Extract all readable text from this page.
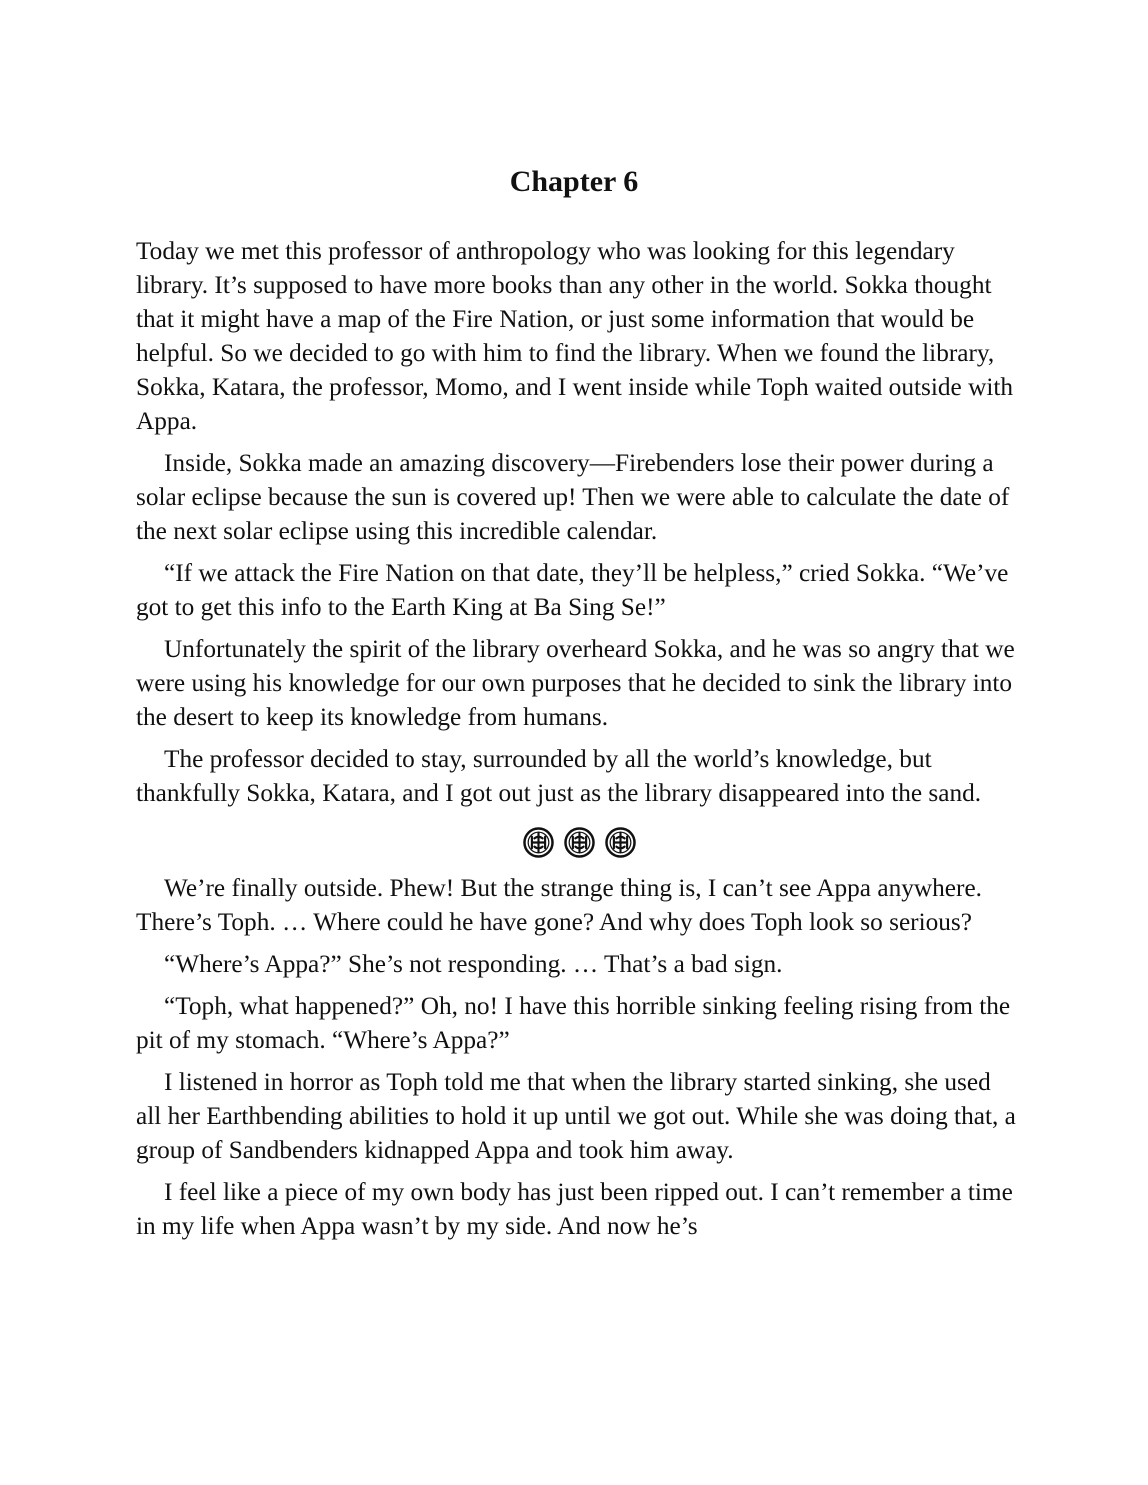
Chapter 6

Today we met this professor of anthropology who was looking for this legendary library. It’s supposed to have more books than any other in the world. Sokka thought that it might have a map of the Fire Nation, or just some information that would be helpful. So we decided to go with him to find the library. When we found the library, Sokka, Katara, the professor, Momo, and I went inside while Toph waited outside with Appa.

Inside, Sokka made an amazing discovery—Firebenders lose their power during a solar eclipse because the sun is covered up! Then we were able to calculate the date of the next solar eclipse using this incredible calendar.

“If we attack the Fire Nation on that date, they’ll be helpless,” cried Sokka. “We’ve got to get this info to the Earth King at Ba Sing Se!”

Unfortunately the spirit of the library overheard Sokka, and he was so angry that we were using his knowledge for our own purposes that he decided to sink the library into the desert to keep its knowledge from humans.

The professor decided to stay, surrounded by all the world’s knowledge, but thankfully Sokka, Katara, and I got out just as the library disappeared into the sand.

We’re finally outside. Phew! But the strange thing is, I can’t see Appa anywhere. There’s Toph. … Where could he have gone? And why does Toph look so serious?

“Where’s Appa?” She’s not responding. … That’s a bad sign.

“Toph, what happened?” Oh, no! I have this horrible sinking feeling rising from the pit of my stomach. “Where’s Appa?”

I listened in horror as Toph told me that when the library started sinking, she used all her Earthbending abilities to hold it up until we got out. While she was doing that, a group of Sandbenders kidnapped Appa and took him away.

I feel like a piece of my own body has just been ripped out. I can’t remember a time in my life when Appa wasn’t by my side. And now he’s
